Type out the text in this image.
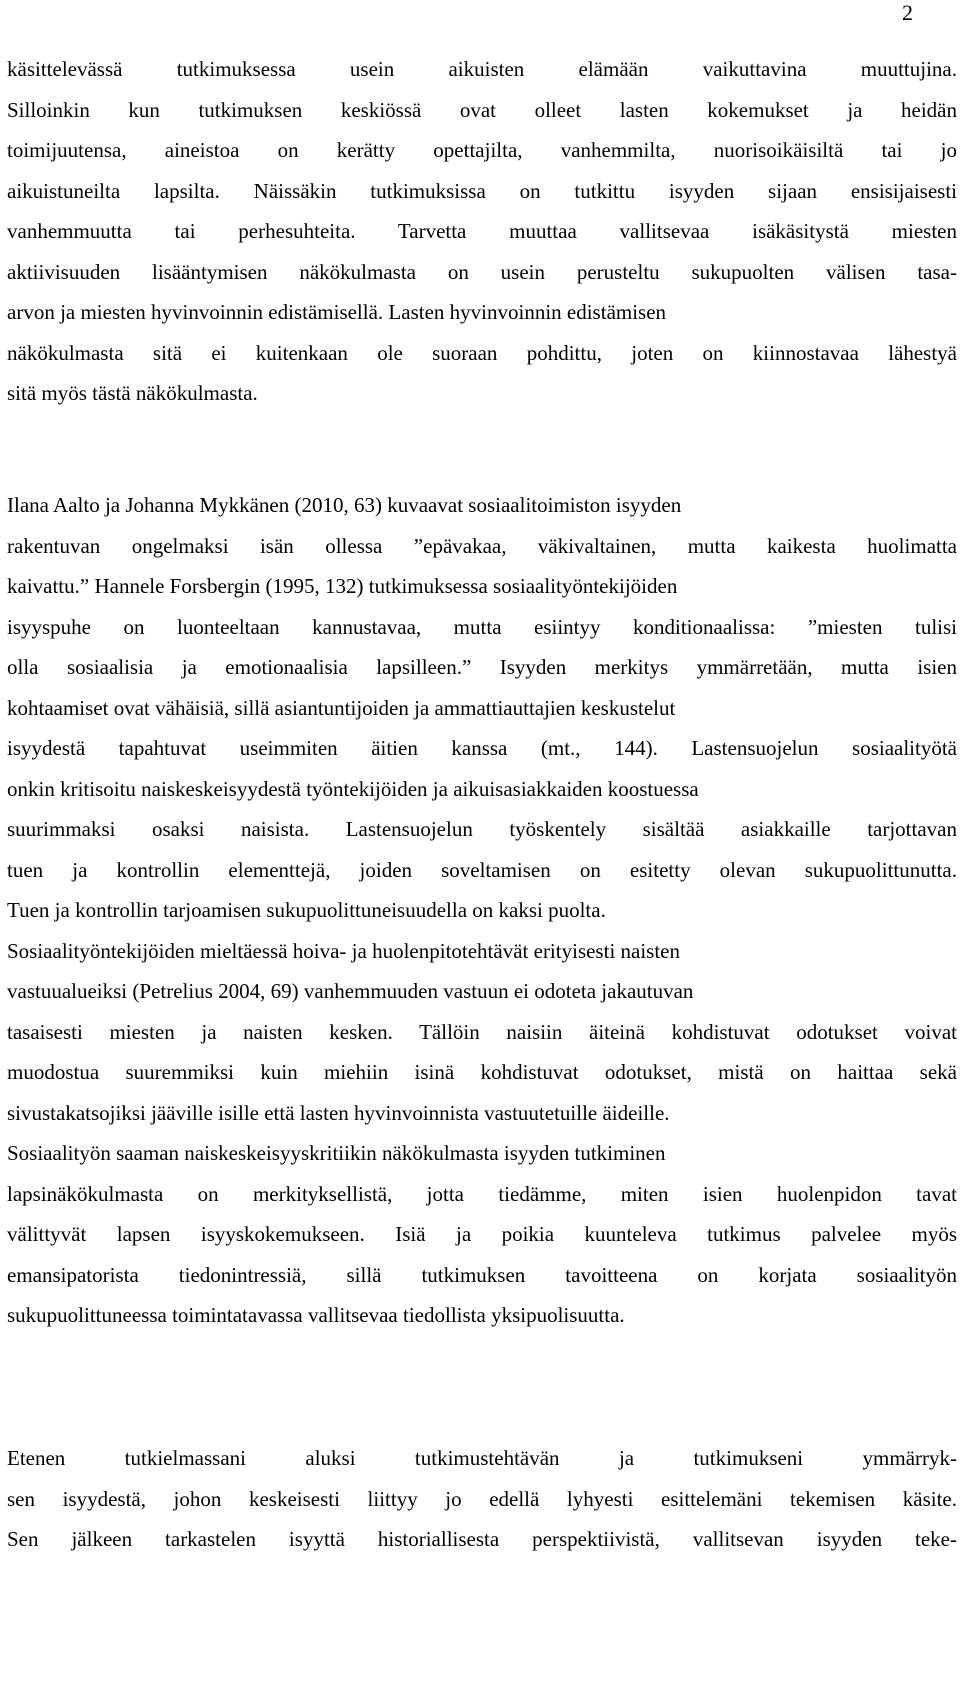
2
käsittelevässä tutkimuksessa usein aikuisten elämään vaikuttavina muuttujina.
Silloinkin kun tutkimuksen keskiössä ovat olleet lasten kokemukset ja heidän
toimijuutensa, aineistoa on kerätty opettajilta, vanhemmilta, nuorisoikäisiltä tai jo
aikuistuneilta lapsilta. Näissäkin tutkimuksissa on tutkittu isyyden sijaan ensisijaisesti
vanhemmuutta tai perhesuhteita. Tarvetta muuttaa vallitsevaa isäkäsitystä miesten
aktiivisuuden lisääntymisen näkökulmasta on usein perusteltu sukupuolten välisen tasa-
arvon ja miesten hyvinvoinnin edistämisellä. Lasten hyvinvoinnin edistämisen
näkökulmasta sitä ei kuitenkaan ole suoraan pohdittu, joten on kiinnostavaa lähestyä
sitä myös tästä näkökulmasta.
Ilana Aalto ja Johanna Mykkänen (2010, 63) kuvaavat sosiaalitoimiston isyyden
rakentuvan ongelmaksi isän ollessa ”epävakaa, väkivaltainen, mutta kaikesta huolimatta
kaivattu.” Hannele Forsbergin (1995, 132) tutkimuksessa sosiaalityöntekijöiden
isyyspuhe on luonteeltaan kannustavaa, mutta esiintyy konditionaalissa: ”miesten tulisi
olla sosiaalisia ja emotionaalisia lapsilleen.” Isyyden merkitys ymmärretään, mutta isien
kohtaamiset ovat vähäisiä, sillä asiantuntijoiden ja ammattiauttajien keskustelut
isyydestä tapahtuvat useimmiten äitien kanssa (mt., 144). Lastensuojelun sosiaalityötä
onkin kritisoitu naiskeskeisyydestä työntekijöiden ja aikuisasiakkaiden koostuessa
suurimmaksi osaksi naisista. Lastensuojelun työskentely sisältää asiakkaille tarjottavan
tuen ja kontrollin elementtejä, joiden soveltamisen on esitetty olevan sukupuolittunutta.
Tuen ja kontrollin tarjoamisen sukupuolittuneisuudella on kaksi puolta.
Sosiaalityöntekijöiden mieltäessä hoiva- ja huolenpitotehtävät erityisesti naisten
vastuualueiksi (Petrelius 2004, 69) vanhemmuuden vastuun ei odoteta jakautuvan
tasaisesti miesten ja naisten kesken. Tällöin naisiin äiteinä kohdistuvat odotukset voivat
muodostua suuremmiksi kuin miehiin isinä kohdistuvat odotukset, mistä on haittaa sekä
sivustakatsojiksi jääville isille että lasten hyvinvoinnista vastuutetuille äideille.
Sosiaalityön saaman naiskeskeisyyskritiikin näkökulmasta isyyden tutkiminen
lapsinäkökulmasta on merkityksellistä, jotta tiedämme, miten isien huolenpidon tavat
välittyvät lapsen isyyskokemukseen. Isiä ja poikia kuunteleva tutkimus palvelee myös
emansipatorista tiedonintressiä, sillä tutkimuksen tavoitteena on korjata sosiaalityön
sukupuolittuneessa toimintatavassa vallitsevaa tiedollista yksipuolisuutta.
Etenen tutkielmassani aluksi tutkimustehtävän ja tutkimukseni ymmärryk-
sen isyydestä, johon keskeisesti liittyy jo edellä lyhyesti esittelemäni tekemisen käsite.
Sen jälkeen tarkastelen isyyttä historiallisesta perspektiivistä, vallitsevan isyyden teke-
